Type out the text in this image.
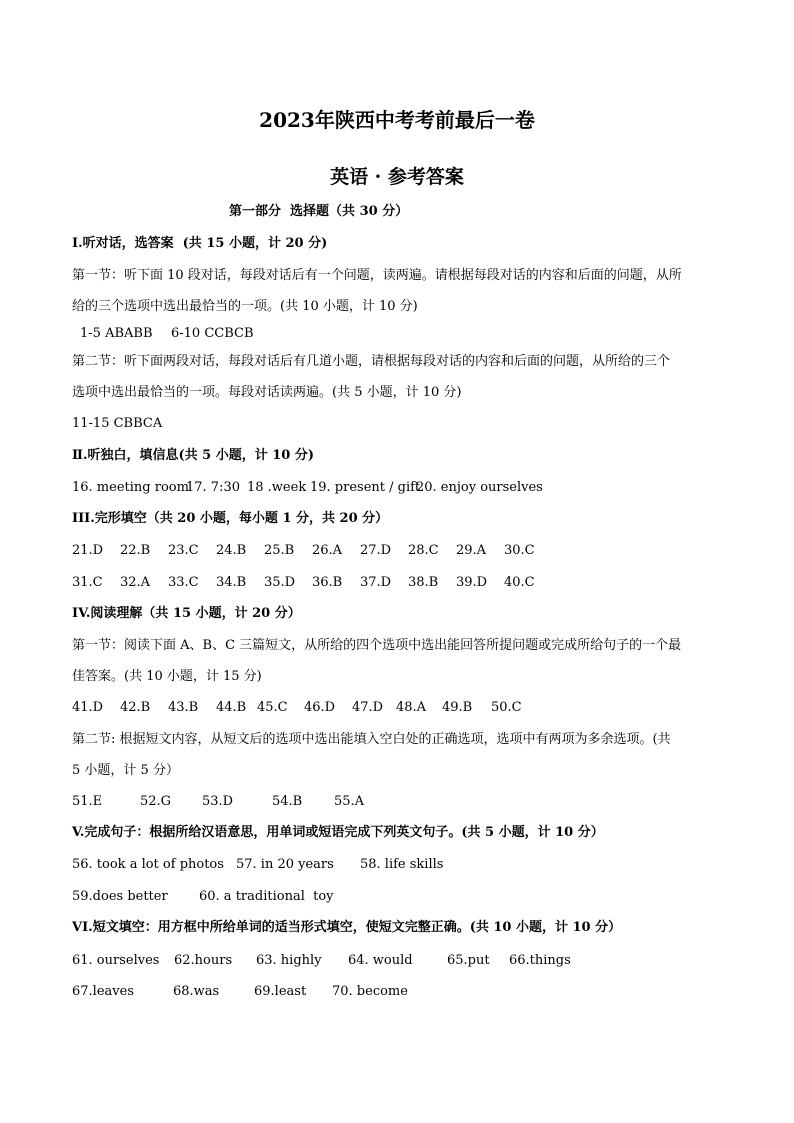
2023年陕西中考考前最后一卷
英语 · 参考答案
第一部分  选择题（共 30 分）
Ⅰ.听对话，选答案  (共 15 小题，计 20 分)
第一节：听下面 10 段对话，每段对话后有一个问题，读两遍。请根据每段对话的内容和后面的问题，从所
给的三个选项中选出最恰当的一项。(共 10 小题，计 10 分)
1-5 ABABB 6-10 CCBCB
第二节：听下面两段对话，每段对话后有几道小题，请根据每段对话的内容和后面的问题，从所给的三个
选项中选出最恰当的一项。每段对话读两遍。(共 5 小题，计 10 分)
11-15 CBBCA
Ⅱ.听独白，填信息(共 5 小题，计 10 分)
16. meeting room
17. 7:30 18 .week 19. present / gift
20. enjoy ourselves
III.完形填空（共 20 小题，每小题 1 分，共 20 分）
21.D 22.B 23.C 24.B 25.B 26.A 27.D 28.C 29.A 30.C
31.C 32.A 33.C 34.B 35.D 36.B 37.D 38.B 39.D 40.C
IV.阅读理解（共 15 小题，计 20 分）
第一节：阅读下面 A、B、C 三篇短文，从所给的四个选项中选出能回答所提问题或完成所给句子的一个最
佳答案。(共 10 小题，计 15 分)
41.D 42.B 43.B 44.B 45.C 46.D 47.D 48.A 49.B 50.C
第二节: 根据短文内容，从短文后的选项中选出能填入空白处的正确选项，选项中有两项为多余选项。(共
5 小题，计 5 分）
51.E	52.G 53.D	54.B 55.A
V.完成句子：根据所给汉语意思，用单词或短语完成下列英文句子。(共 5 小题，计 10 分）
56. took a lot of photos 57. in 20 years 58. life skills
59.does better 60. a traditional  toy
VI.短文填空：用方框中所给单词的适当形式填空，使短文完整正确。(共 10 小题，计 10 分）
61. ourselves 62.hours 63. highly 64. would	65.put 66.things
67.leaves	68.was	69.least 70. become
